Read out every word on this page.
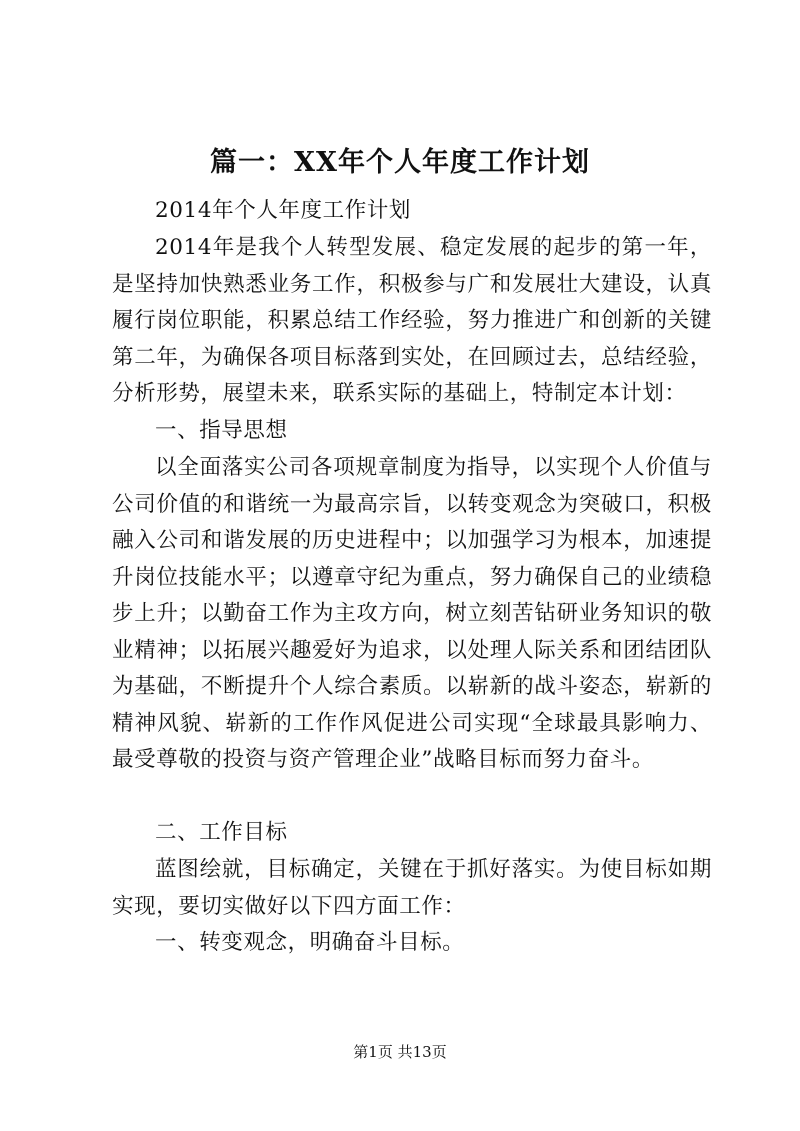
篇一：XX年个人年度工作计划

2014年个人年度工作计划

2014年是我个人转型发展、稳定发展的起步的第一年，是坚持加快熟悉业务工作，积极参与广和发展壮大建设，认真履行岗位职能，积累总结工作经验，努力推进广和创新的关键第二年，为确保各项目标落到实处，在回顾过去，总结经验，分析形势，展望未来，联系实际的基础上，特制定本计划：

一、指导思想

以全面落实公司各项规章制度为指导，以实现个人价值与公司价值的和谐统一为最高宗旨，以转变观念为突破口，积极融入公司和谐发展的历史进程中；以加强学习为根本，加速提升岗位技能水平；以遵章守纪为重点，努力确保自己的业绩稳步上升；以勤奋工作为主攻方向，树立刻苦钻研业务知识的敬业精神；以拓展兴趣爱好为追求，以处理人际关系和团结团队为基础，不断提升个人综合素质。以崭新的战斗姿态，崭新的精神风貌、崭新的工作作风促进公司实现“全球最具影响力、最受尊敬的投资与资产管理企业”战略目标而努力奋斗。

二、工作目标

蓝图绘就，目标确定，关键在于抓好落实。为使目标如期实现，要切实做好以下四方面工作：

一、转变观念，明确奋斗目标。

第1页 共13页
